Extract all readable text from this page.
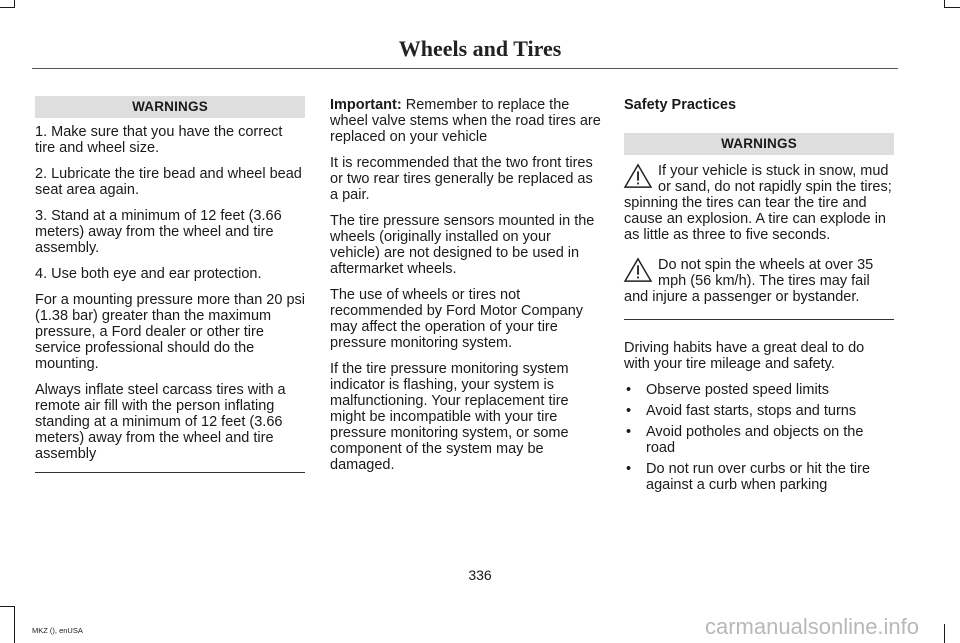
Wheels and Tires
WARNINGS

1. Make sure that you have the correct tire and wheel size.

2. Lubricate the tire bead and wheel bead seat area again.

3. Stand at a minimum of 12 feet (3.66 meters) away from the wheel and tire assembly.

4. Use both eye and ear protection.

For a mounting pressure more than 20 psi (1.38 bar) greater than the maximum pressure, a Ford dealer or other tire service professional should do the mounting.

Always inflate steel carcass tires with a remote air fill with the person inflating standing at a minimum of 12 feet (3.66 meters) away from the wheel and tire assembly

Important: Remember to replace the wheel valve stems when the road tires are replaced on your vehicle

It is recommended that the two front tires or two rear tires generally be replaced as a pair.

The tire pressure sensors mounted in the wheels (originally installed on your vehicle) are not designed to be used in aftermarket wheels.

The use of wheels or tires not recommended by Ford Motor Company may affect the operation of your tire pressure monitoring system.

If the tire pressure monitoring system indicator is flashing, your system is malfunctioning. Your replacement tire might be incompatible with your tire pressure monitoring system, or some component of the system may be damaged.

Safety Practices

WARNINGS

If your vehicle is stuck in snow, mud or sand, do not rapidly spin the tires; spinning the tires can tear the tire and cause an explosion. A tire can explode in as little as three to five seconds.

Do not spin the wheels at over 35 mph (56 km/h). The tires may fail and injure a passenger or bystander.

Driving habits have a great deal to do with your tire mileage and safety.

• Observe posted speed limits
• Avoid fast starts, stops and turns
• Avoid potholes and objects on the road
• Do not run over curbs or hit the tire against a curb when parking
336
MKZ (), enUSA	carmanualsonline.info
